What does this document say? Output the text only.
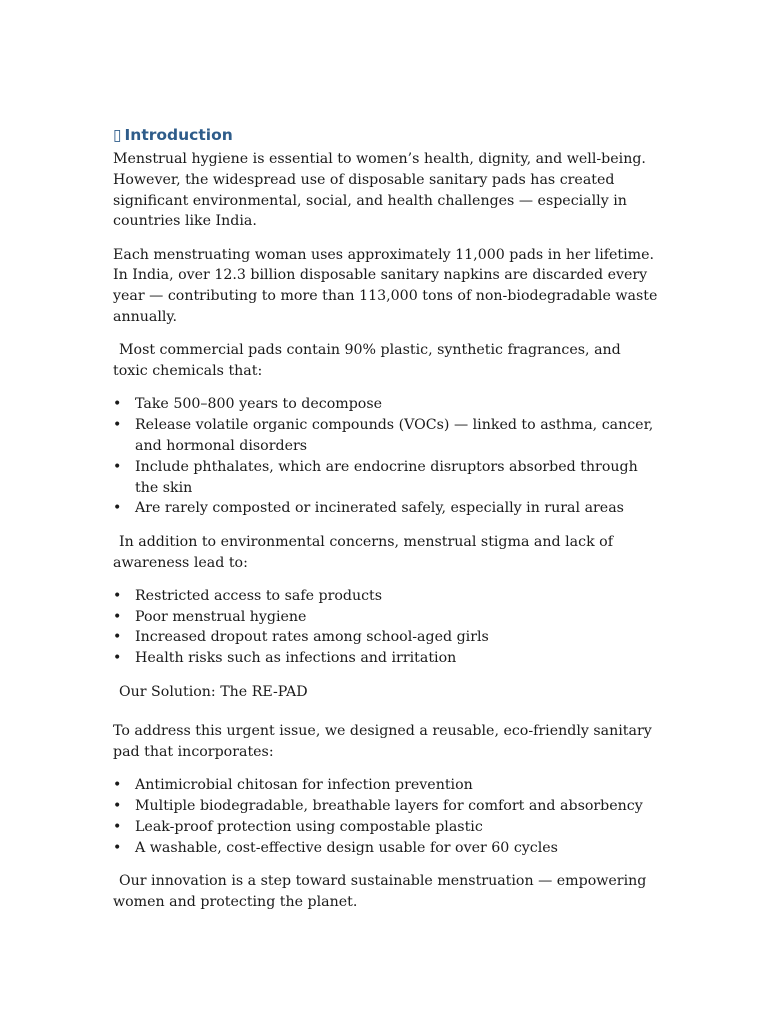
▯ Introduction

Menstrual hygiene is essential to women’s health, dignity, and well-being. However, the widespread use of disposable sanitary pads has created significant environmental, social, and health challenges — especially in countries like India.

Each menstruating woman uses approximately 11,000 pads in her lifetime. In India, over 12.3 billion disposable sanitary napkins are discarded every year — contributing to more than 113,000 tons of non-biodegradable waste annually.

Most commercial pads contain 90% plastic, synthetic fragrances, and toxic chemicals that:

• Take 500–800 years to decompose
• Release volatile organic compounds (VOCs) — linked to asthma, cancer, and hormonal disorders
• Include phthalates, which are endocrine disruptors absorbed through the skin
• Are rarely composted or incinerated safely, especially in rural areas

In addition to environmental concerns, menstrual stigma and lack of awareness lead to:

• Restricted access to safe products
• Poor menstrual hygiene
• Increased dropout rates among school-aged girls
• Health risks such as infections and irritation

Our Solution: The RE-PAD

To address this urgent issue, we designed a reusable, eco-friendly sanitary pad that incorporates:

• Antimicrobial chitosan for infection prevention
• Multiple biodegradable, breathable layers for comfort and absorbency
• Leak-proof protection using compostable plastic
• A washable, cost-effective design usable for over 60 cycles

Our innovation is a step toward sustainable menstruation — empowering women and protecting the planet.
